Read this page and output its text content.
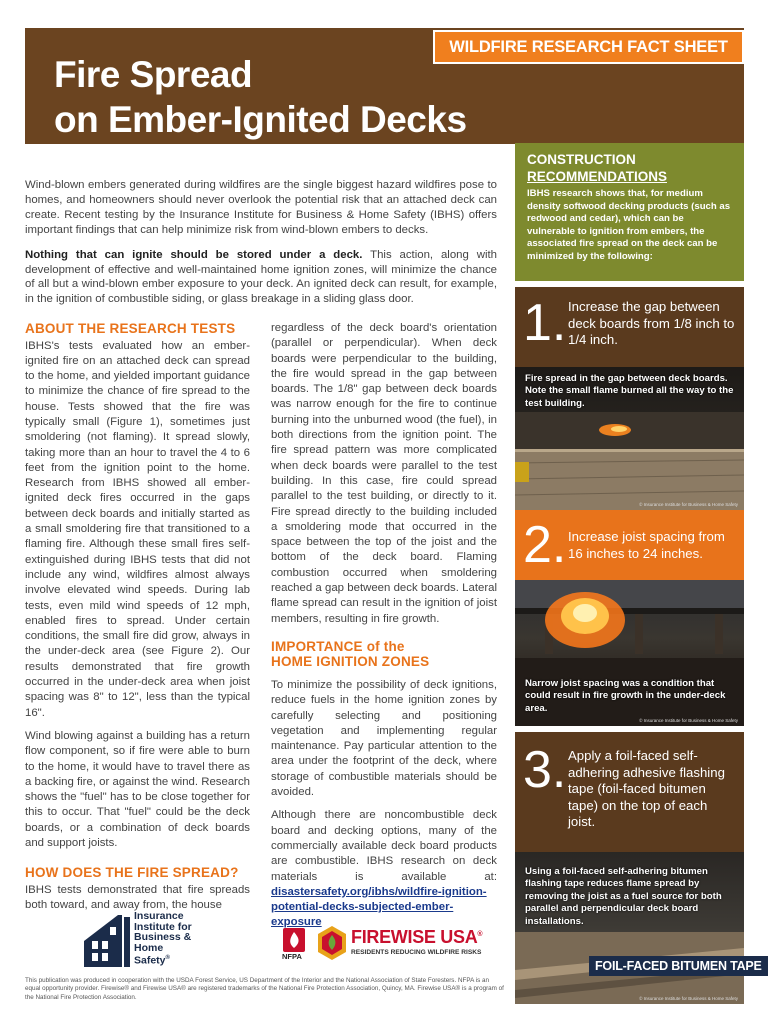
WILDFIRE RESEARCH FACT SHEET
Fire Spread
on Ember-Ignited Decks

Wind-blown embers generated during wildfires are the single biggest hazard wildfires pose to homes, and homeowners should never overlook the potential risk that an attached deck can create. Recent testing by the Insurance Institute for Business & Home Safety (IBHS) offers important findings that can help minimize risk from wind-blown embers to decks.

Nothing that can ignite should be stored under a deck. This action, along with development of effective and well-maintained home ignition zones, will minimize the chance of all but a wind-blown ember exposure to your deck. An ignited deck can result, for example, in the ignition of combustible siding, or glass breakage in a sliding glass door.

ABOUT THE RESEARCH TESTS

IBHS's tests evaluated how an ember-ignited fire on an attached deck can spread to the home, and yielded important guidance to minimize the chance of fire spread to the house. Tests showed that the fire was typically small (Figure 1), sometimes just smoldering (not flaming). It spread slowly, taking more than an hour to travel the 4 to 6 feet from the ignition point to the home. Research from IBHS showed all ember-ignited deck fires occurred in the gaps between deck boards and initially started as a small smoldering fire that transitioned to a flaming fire. Although these small fires self-extinguished during IBHS tests that did not include any wind, wildfires almost always involve elevated wind speeds. During lab tests, even mild wind speeds of 12 mph, enabled fires to spread. Under certain conditions, the small fire did grow, always in the under-deck area (see Figure 2). Our results demonstrated that fire growth occurred in the under-deck area when joist spacing was 8" to 12", less than the typical 16".

Wind blowing against a building has a return flow component, so if fire were able to burn to the home, it would have to travel there as a backing fire, or against the wind. Research shows the "fuel" has to be close together for this to occur. That "fuel" could be the deck boards, or a combination of deck boards and support joists.

HOW DOES THE FIRE SPREAD?

IBHS tests demonstrated that fire spreads both toward, and away from, the house

regardless of the deck board's orientation (parallel or perpendicular). When deck boards were perpendicular to the building, the fire would spread in the gap between boards. The 1/8" gap between deck boards was narrow enough for the fire to continue burning into the unburned wood (the fuel), in both directions from the ignition point. The fire spread pattern was more complicated when deck boards were parallel to the test building. In this case, fire could spread parallel to the test building, or directly to it. Fire spread directly to the building included a smoldering mode that occurred in the space between the top of the joist and the bottom of the deck board. Flaming combustion occurred when smoldering reached a gap between deck boards. Lateral flame spread can result in the ignition of joist members, resulting in fire growth.

IMPORTANCE of the
HOME IGNITION ZONES

To minimize the possibility of deck ignitions, reduce fuels in the home ignition zones by carefully selecting and positioning vegetation and implementing regular maintenance. Pay particular attention to the area under the footprint of the deck, where storage of combustible materials should be avoided.

Although there are noncombustible deck board and decking options, many of the commercially available deck board products are combustible. IBHS research on deck materials is available at: disastersafety.org/ibhs/wildfire-ignition-potential-decks-subjected-ember-exposure

CONSTRUCTION
RECOMMENDATIONS

IBHS research shows that, for medium density softwood decking products (such as redwood and cedar), which can be vulnerable to ignition from embers, the associated fire spread on the deck can be minimized by the following:

1. Increase the gap between deck boards from 1/8 inch to 1/4 inch.
Fire spread in the gap between deck boards. Note the small flame burned all the way to the test building.
© Insurance Institute for Business & Home Safety
2. Increase joist spacing from 16 inches to 24 inches.
Narrow joist spacing was a condition that could result in fire growth in the under-deck area.
© Insurance Institute for Business & Home Safety
3. Apply a foil-faced self-adhering adhesive flashing tape (foil-faced bitumen tape) on the top of each joist.
Using a foil-faced self-adhering bitumen flashing tape reduces flame spread by removing the joist as a fuel source for both parallel and perpendicular deck board installations.
© Insurance Institute for Business & Home Safety
FOIL-FACED BITUMEN TAPE
Insurance
Institute for
Business &
Home
Safety®	NFPA
FIREWISE USA®
RESIDENTS REDUCING WILDFIRE RISKS
This publication was produced in cooperation with the USDA Forest Service, US Department of the Interior and the National Association of State Foresters. NFPA is an equal opportunity provider. Firewise® and Firewise USA® are registered trademarks of the National Fire Protection Association, Quincy, MA. Firewise USA® is a program of the National Fire Protection Association.
